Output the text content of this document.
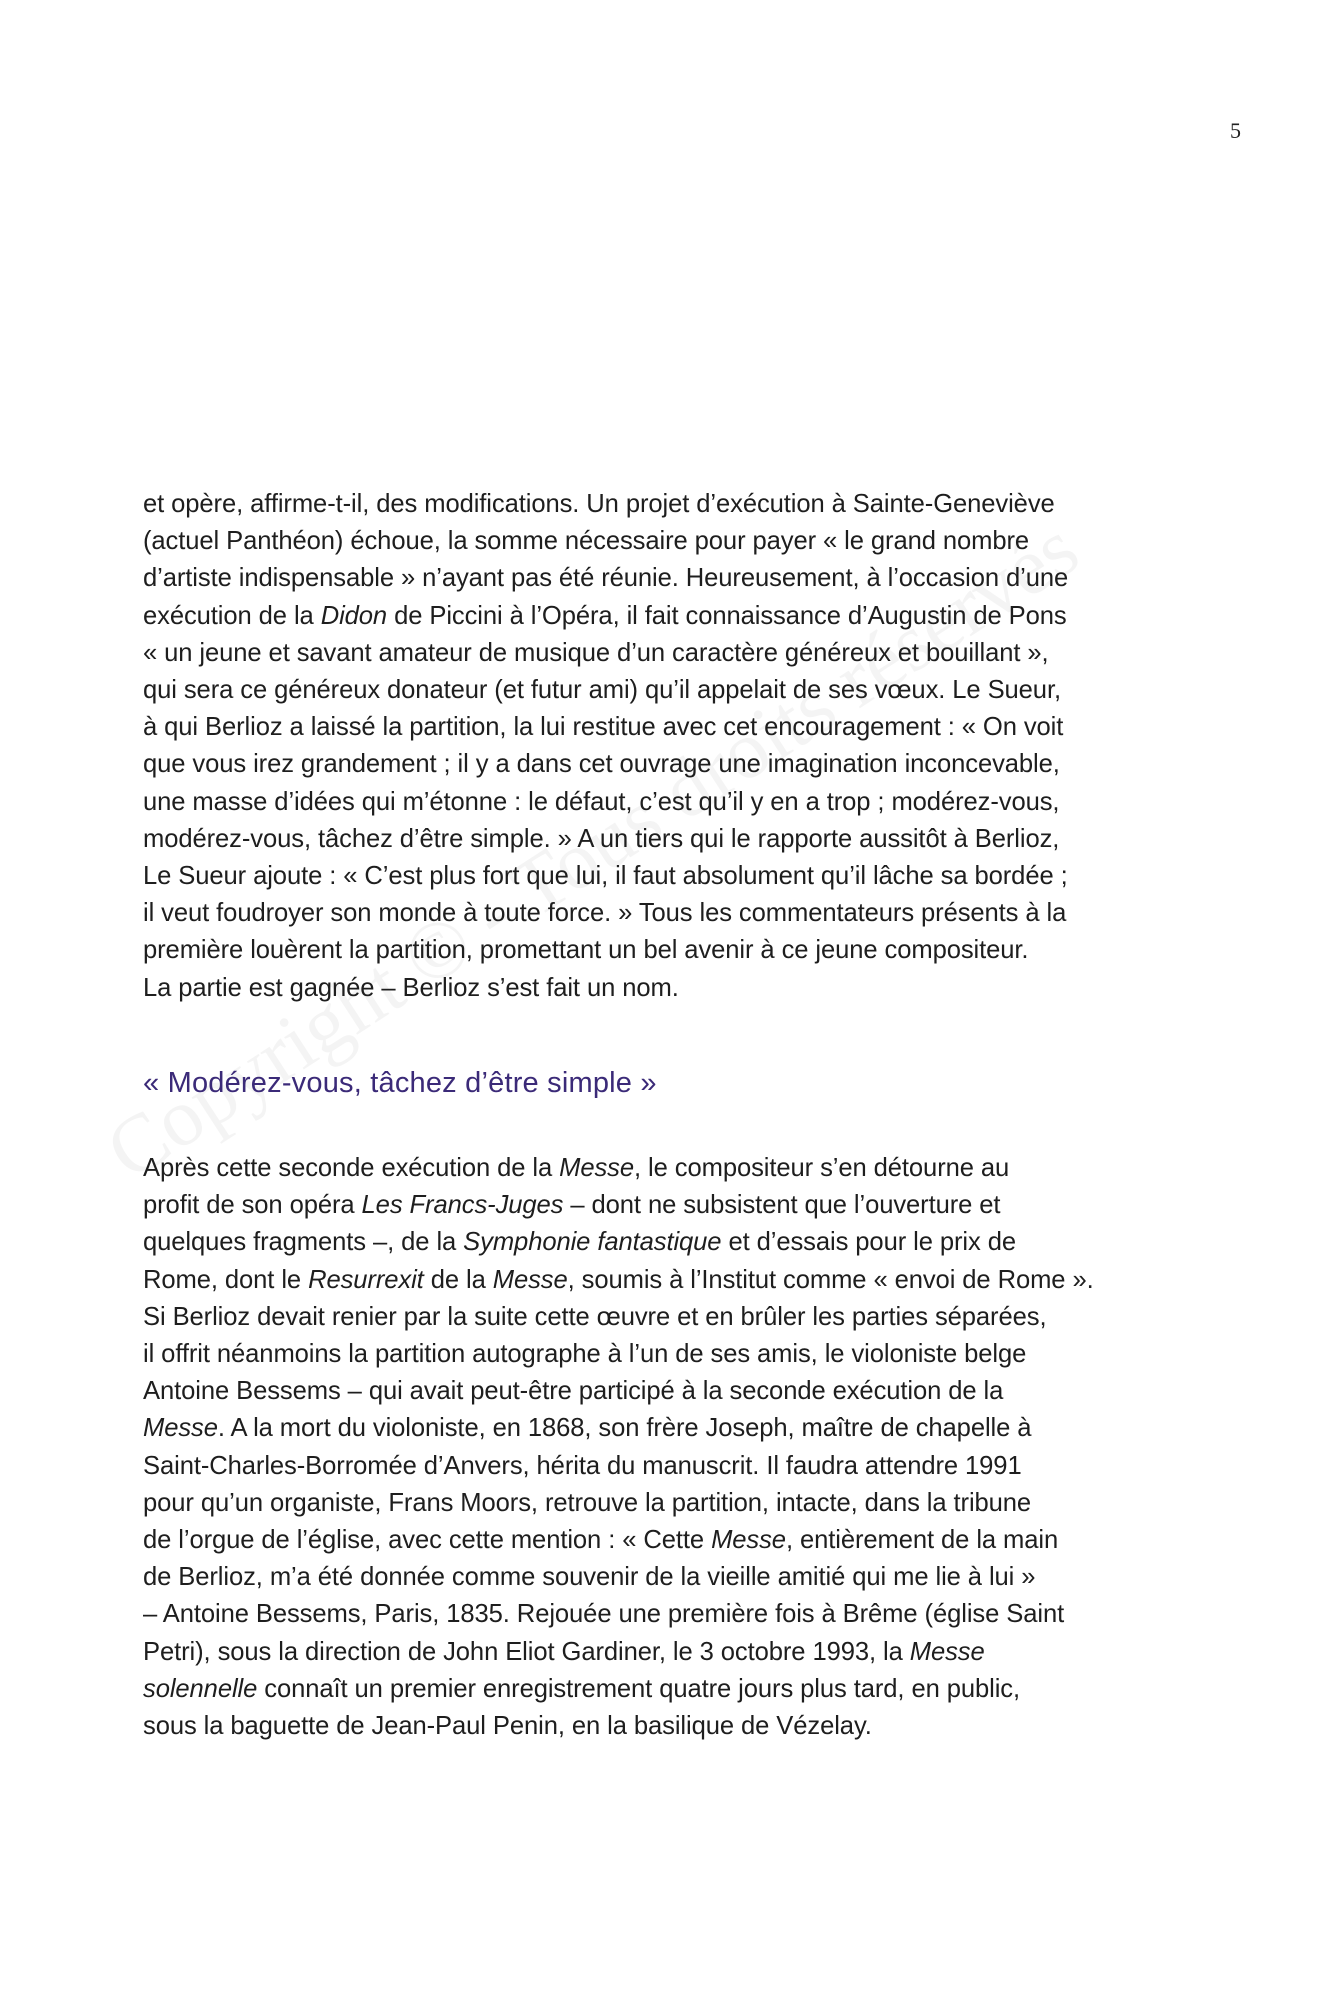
5

et opère, affirme-t-il, des modifications. Un projet d’exécution à Sainte-Geneviève

(actuel Panthéon) échoue, la somme nécessaire pour payer « le grand nombre

d’artiste indispensable » n’ayant pas été réunie. Heureusement, à l’occasion d’une

exécution de la Didon de Piccini à l’Opéra, il fait connaissance d’Augustin de Pons

« un jeune et savant amateur de musique d’un caractère généreux et bouillant »,

qui sera ce généreux donateur (et futur ami) qu’il appelait de ses vœux. Le Sueur,

à qui Berlioz a laissé la partition, la lui restitue avec cet encouragement : « On voit

que vous irez grandement ; il y a dans cet ouvrage une imagination inconcevable,

une masse d’idées qui m’étonne : le défaut, c’est qu’il y en a trop ; modérez-vous,

modérez-vous, tâchez d’être simple. » A un tiers qui le rapporte aussitôt à Berlioz,

Le Sueur ajoute : « C’est plus fort que lui, il faut absolument qu’il lâche sa bordée ;

il veut foudroyer son monde à toute force. » Tous les commentateurs présents à la

première louèrent la partition, promettant un bel avenir à ce jeune compositeur.

La partie est gagnée – Berlioz s’est fait un nom.

« Modérez-vous, tâchez d’être simple »

Après cette seconde exécution de la Messe, le compositeur s’en détourne au

profit de son opéra Les Francs-Juges – dont ne subsistent que l’ouverture et

quelques fragments –, de la Symphonie fantastique et d’essais pour le prix de

Rome, dont le Resurrexit de la Messe, soumis à l’Institut comme « envoi de Rome ».

Si Berlioz devait renier par la suite cette œuvre et en brûler les parties séparées,

il offrit néanmoins la partition autographe à l’un de ses amis, le violoniste belge

Antoine Bessems – qui avait peut-être participé à la seconde exécution de la

Messe. A la mort du violoniste, en 1868, son frère Joseph, maître de chapelle à

Saint-Charles-Borromée d’Anvers, hérita du manuscrit. Il faudra attendre 1991

pour qu’un organiste, Frans Moors, retrouve la partition, intacte, dans la tribune

de l’orgue de l’église, avec cette mention : « Cette Messe, entièrement de la main

de Berlioz, m’a été donnée comme souvenir de la vieille amitié qui me lie à lui »

– Antoine Bessems, Paris, 1835. Rejouée une première fois à Brême (église Saint

Petri), sous la direction de John Eliot Gardiner, le 3 octobre 1993, la Messe

solennelle connaît un premier enregistrement quatre jours plus tard, en public,

sous la baguette de Jean-Paul Penin, en la basilique de Vézelay.
